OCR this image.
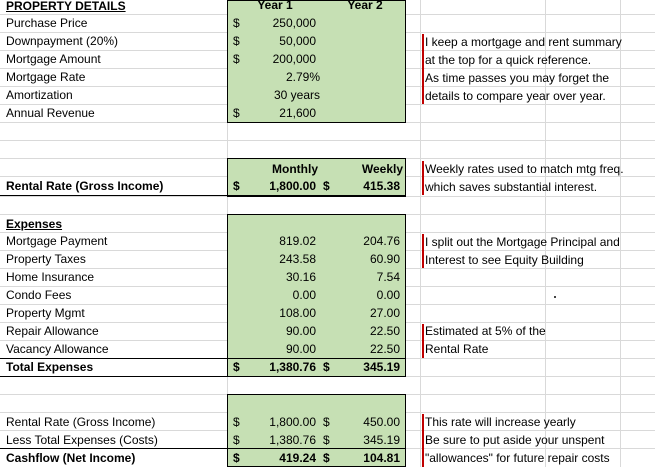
Year 1	Year 2
PROPERTY DETAILS
Purchase Price	$	250,000
Downpayment (20%)	$	50,000
Mortgage Amount	$	200,000
Mortgage Rate	2.79%
Amortization	30 years
Annual Revenue	$	21,600
Monthly	Weekly
Rental Rate (Gross Income)	$	1,800.00 $	415.38
Expenses
Mortgage Payment	819.02	204.76
Property Taxes	243.58	60.90
Home Insurance	30.16	7.54
Condo Fees	0.00	0.00
Property Mgmt	108.00	27.00
Repair Allowance	90.00	22.50
Vacancy Allowance	90.00	22.50
Total Expenses	$	1,380.76 $	345.19
Rental Rate (Gross Income)	$	1,800.00 $	450.00
Less Total Expenses (Costs)	$	1,380.76 $	345.19
Cashflow (Net Income)	$	419.24 $	104.81
I keep a mortgage and rent summary
at the top for a quick reference.
As time passes you may forget the
details to compare year over year.
Weekly rates used to match mtg freq.
which saves substantial interest.
I split out the Mortgage Principal and
Interest to see Equity Building
Estimated at 5% of the
Rental Rate
This rate will increase yearly
Be sure to put aside your unspent
"allowances" for future repair costs
